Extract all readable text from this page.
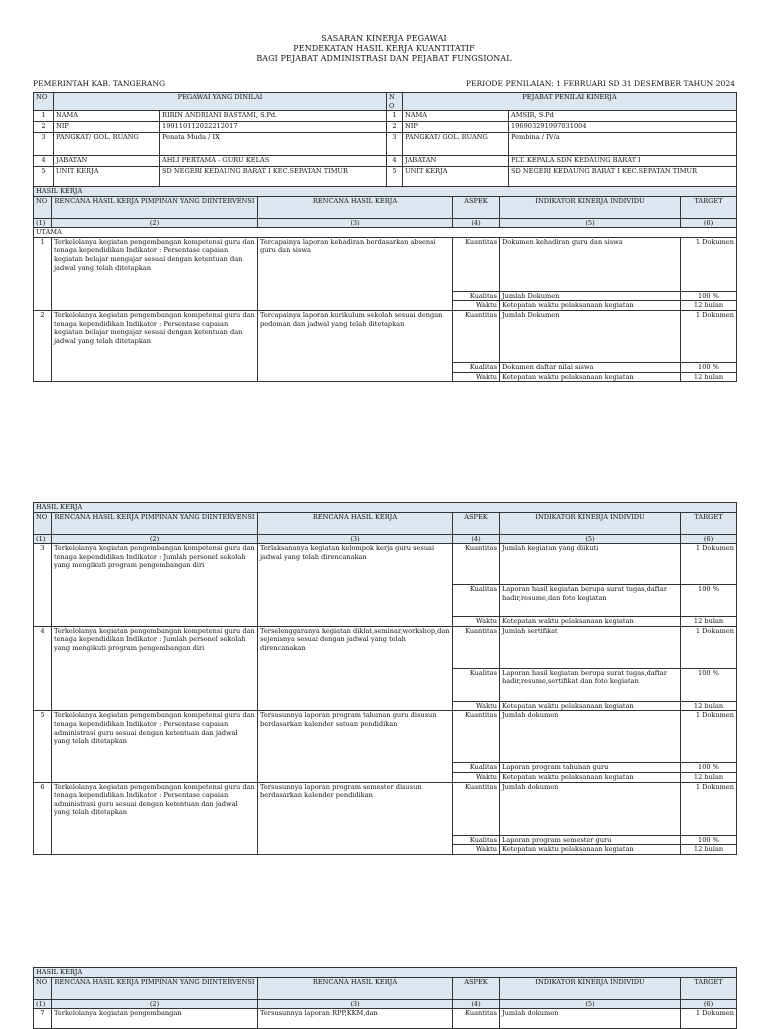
SASARAN KINERJA PEGAWAI
PENDEKATAN HASIL KERJA KUANTITATIF
BAGI PEJABAT ADMINISTRASI DAN PEJABAT FUNGSIONAL
PEMERINTAH KAB. TANGERANG	PERIODE PENILAIAN: 1 FEBRUARI SD 31 DESEMBER TAHUN 2024
NO	PEGAWAI YANG DINILAI		NO	PEJABAT PENILAI KINERJA	
1	NAMA	RIRIN ANDRIANI BASTAMI, S.Pd.	1	NAMA	AMSIR, S.Pd
2	NIP	199110112022212017	2	NIP	196903291997031004
3	PANGKAT/ GOL. RUANG	Penata Muda / IX	3	PANGKAT/ GOL. RUANG	Pembina / IV/a
4	JABATAN	AHLI PERTAMA - GURU KELAS	4	JABATAN	PLT. KEPALA SDN KEDAUNG BARAT I
5	UNIT KERJA	SD NEGERI KEDAUNG BARAT I KEC.SEPATAN TIMUR	5	UNIT KERJA	SD NEGERI KEDAUNG BARAT I KEC.SEPATAN TIMUR
HASIL KERJA					
NO	RENCANA HASIL KERJA PIMPINAN YANG DIINTERVENSI	RENCANA HASIL KERJA	ASPEK	INDIKATOR KINERJA INDIVIDU	TARGET
(1)	(2)	(3)	(4)	(5)	(6)
UTAMA					
1	Terkelolanya kegiatan pengembangan kompetensi guru dan tenaga kependidikan Indikator : Persentase capaian kegiatan belajar mengajar sesuai dengan ketentuan dan jadwal yang telah ditetapkan	Tercapainya laporan kehadiran berdasarkan absensi guru dan siswa	Kuantitas	Dokumen kehadiran guru dan siswa	1 Dokumen
			Kualitas	Jumlah Dokumen	100 %
			Waktu	Ketepatan waktu pelaksanaan kegiatan	12 bulan
2	Terkelolanya kegiatan pengembangan kompetensi guru dan tenaga kependidikan Indikator : Persentase capaian kegiatan belajar mengajar sesuai dengan ketentuan dan jadwal yang telah ditetapkan	Tercapainya laporan kurikulum sekolah sesuai dengan pedoman dan jadwal yang telah ditetapkan	Kuantitas	Jumlah Dokumen	1 Dokumen
			Kualitas	Dokumen daftar nilai siswa	100 %
			Waktu	Ketepatan waktu pelaksanaan kegiatan	12 bulan
HASIL KERJA					
NO	RENCANA HASIL KERJA PIMPINAN YANG DIINTERVENSI	RENCANA HASIL KERJA	ASPEK	INDIKATOR KINERJA INDIVIDU	TARGET
(1)	(2)	(3)	(4)	(5)	(6)
3	Terkelolanya kegiatan pengembangan kompetensi guru dan tenaga kependidikan Indikator : Jumlah personel sekolah yang mengikuti program pengembangan diri	Terlaksananya kegiatan kelompok kerja guru sesuai jadwal yang telah direncanakan	Kuantitas	Jumlah kegiatan yang diikuti	1 Dokumen
			Kualitas	Laporan hasil kegiatan berupa surat tugas,daftar hadir,resume,dan foto kegiatan	100 %
			Waktu	Ketepatan waktu pelaksanaan kegiatan	12 bulan
4	Terkelolanya kegiatan pengembangan kompetensi guru dan tenaga kependidikan Indikator : Jumlah personel sekolah yang mengikuti program pengembangan diri	Terselenggaranya kegiatan diklat,seminar,workshop,dan sejenisnya sesuai dengan jadwal yang telah direncanakan	Kuantitas	Jumlah sertifikat	1 Dokumen
			Kualitas	Laporan hasil kegiatan berupa surat tugas,daftar hadir,resume,sertifikat dan foto kegiatan	100 %
			Waktu	Ketepatan waktu pelaksanaan kegiatan	12 bulan
5	Terkelolanya kegiatan pengembangan kompetensi guru dan tenaga kependidikan Indikator : Persentase capaian administrasi guru sesuai dengan ketentuan dan jadwal yang telah ditetapkan	Tersusunnya laporan program tahunan guru disusun berdasarkan kalender satuan pendidikan	Kuantitas	Jumlah dokumen	1 Dokumen
			Kualitas	Laporan program tahunan guru	100 %
			Waktu	Ketepatan waktu pelaksanaan kegiatan	12 bulan
6	Terkelolanya kegiatan pengembangan kompetensi guru dan tenaga kependidikan Indikator : Persentase capaian administrasi guru sesuai dengan ketentuan dan jadwal yang telah ditetapkan	Tersusunnya laporan program semester disusun berdasarkan kalender pendidikan	Kuantitas	Jumlah dokumen	1 Dokumen
			Kualitas	Laporan program semester guru	100 %
			Waktu	Ketepatan waktu pelaksanaan kegiatan	12 bulan
HASIL KERJA					
NO	RENCANA HASIL KERJA PIMPINAN YANG DIINTERVENSI	RENCANA HASIL KERJA	ASPEK	INDIKATOR KINERJA INDIVIDU	TARGET
(1)	(2)	(3)	(4)	(5)	(6)
7	Terkelolanya kegiatan pengembangan	Tersusunnya laporan RPP,KKM,dan	Kuantitas	Jumlah dokumen	1 Dokumen
